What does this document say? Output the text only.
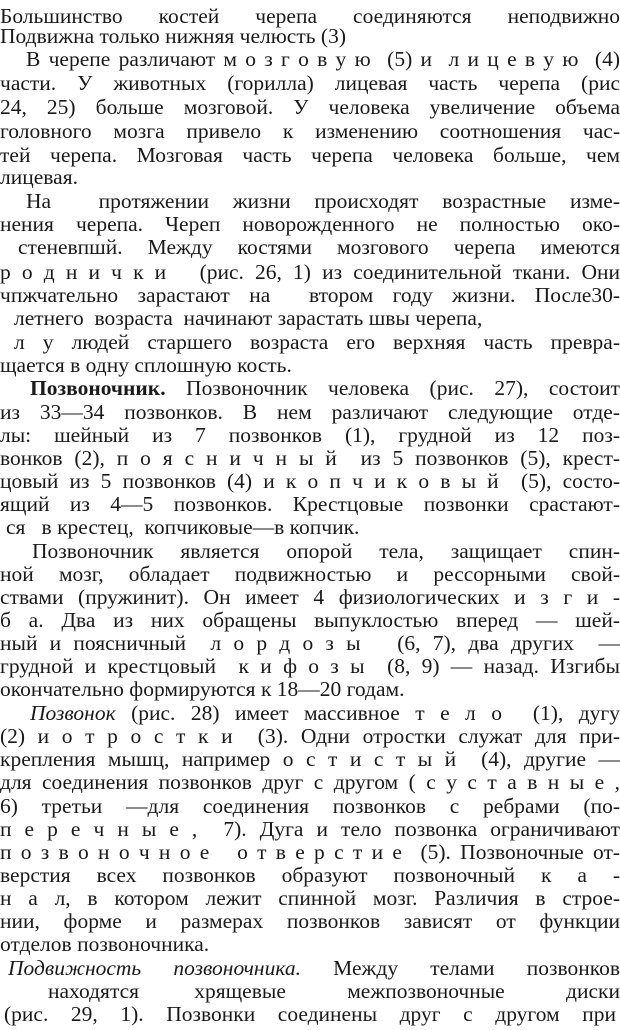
Большинство  костей  черепа  соединяются  неподвижно
Подвижна только нижняя челюсть (3)
В черепе различают м о з г о в у ю  (5) и  л и ц е в у ю  (4)
части. У животных (горилла) лицевая часть черепа (рис
24, 25) больше мозговой. У человека увеличение объема
головного мозга привело к изменению соотношения час-
тей черепа. Мозговая часть черепа человека больше, чем
лицевая.
На  протяжении жизни происходят возрастные изме-
нения черепа. Череп новорожденного не полностью око-
стеневпшй. Между костями мозгового черепа имеются
р о д н и ч к и   (рис. 26, 1) из соединительной ткани. Они
чпжчательно зарастают на  втором году жизни. После30-
летнего  возраста  начинают зарастать швы черепа,
л у людей старшего возраста его верхняя часть превра-
щается в одну сплошную кость.
Позвоночник. Позвоночник человека (рис. 27), состоит
из 33—34 позвонков. В нем различают следующие отде-
лы: шейный из 7 позвонков (1), грудной из 12 поз-
вонков (2), п о я с н и ч н ы й  из 5 позвонков (5), крест-
цовый из 5 позвонков (4) и к о п ч и к о в ы й  (5), состо-
ящий из 4—5 позвонков. Крестцовые позвонки срастают-
ся   в крестец,  копчиковые—в копчик.
Позвоночник является опорой тела, защищает спин-
ной мозг, обладает подвижностью и рессорными свой-
ствами (пружинит). Он имеет 4 физиологических и з г и -
б а. Два из них обращены выпуклостью вперед — шей-
ный и поясничный  л о р д о з ы   (6, 7), два других  —
грудной и крестцовый  к и ф о з ы  (8, 9) — назад. Изгибы
окончательно формируются к 18—20 годам.
Позвонок (рис. 28) имеет массивное т е л о  (1), дугу
(2) и о т р о с т к и  (3). Одни отростки служат для при-
крепления мышц, например о с т и с т ы й  (4), другие —
для соединения позвонков друг с другом ( с у с т а в н ы е ,
6) третьи —для соединения позвонков с ребрами (по-
п е р е ч н ы е ,  7). Дуга и тело позвонка ограничивают
п о з в о н о ч н о е   о т в е р с т и е  (5). Позвоночные от-
верстия всех позвонков образуют позвоночный к а -
н а л, в котором лежит спинной мозг. Различия в строе-
нии, форме и размерах позвонков зависят от функции
отделов позвоночника.
Подвижность позвоночника. Между телами позвонков
находятся         хрящевые          межпозвоночные          диски
(рис.  29,  1).  Позвонки  соединены  друг  с  другом  при
